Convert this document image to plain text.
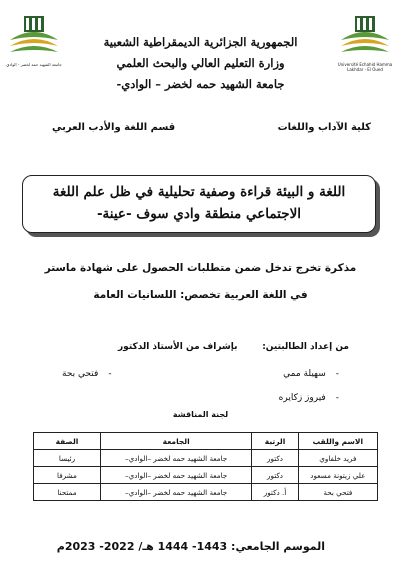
Université Echahid Hamma Lakhdar - El Oued
جامعة الشهيد حمه لخضر - الوادي
الجمهورية الجزائرية الديمقراطية الشعبية
وزارة التعليم العالي والبحث العلمي
جامعة الشهيد حمه لخضر – الوادي-
كلية الآداب واللغات
قسم اللغة والأدب العربي
اللغة و البيئة قراءة وصفية تحليلية في ظل علم اللغة
الاجتماعي منطقة وادي سوف -عينة-
مذكرة تخرج تدخل ضمن متطلبات الحصول على شهادة ماستر
في اللغة العربية تخصص: اللسانيات العامة
من إعداد الطالبتين:
بإشراف من الأستاذ الدكتور
-سهيلة ممي
-فيروز زكايره
-فتحي بحة
لجنة المناقشة
الاسم واللقب	الرتبة	الجامعة	الصفة
فريد خلفاوي	دكتور	جامعة الشهيد حمه لخضر –الوادي–	رئيسا
علي زيتونة مسعود	دكتور	جامعة الشهيد حمه لخضر –الوادي–	مشرفا
فتحي بحة	أ. دكتور	جامعة الشهيد حمه لخضر –الوادي–	ممتحنا
الموسم الجامعي: 1443- 1444 هـ/ 2022- 2023م
